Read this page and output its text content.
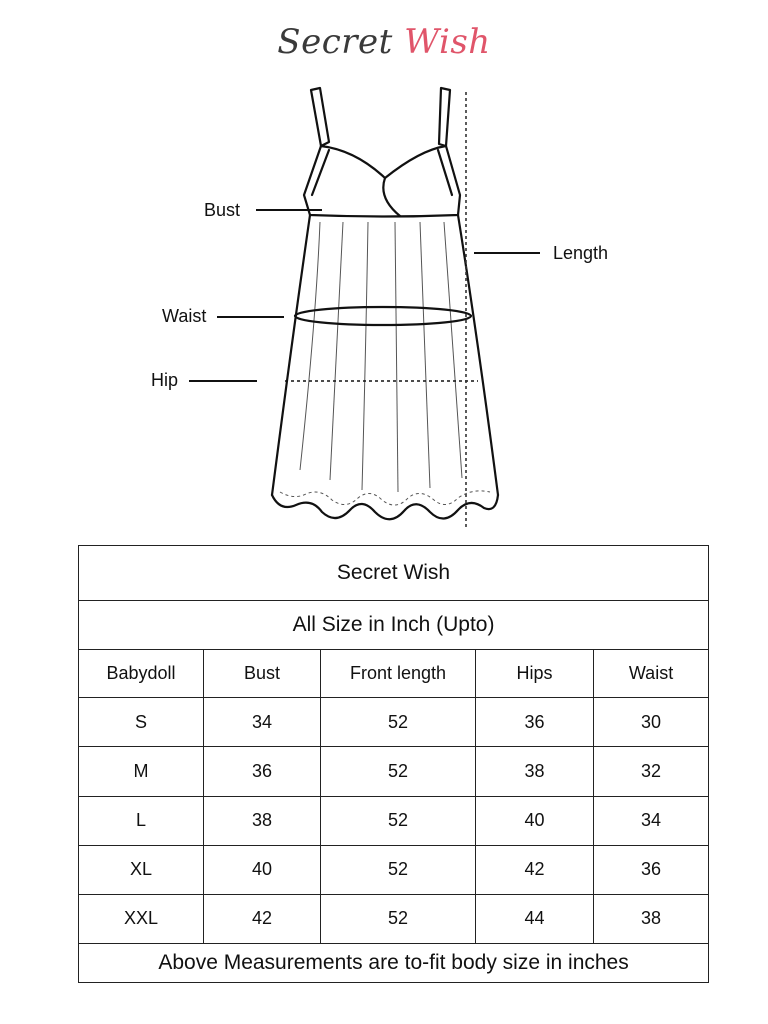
Secret Wish
Bust
Waist
Hip
Length
Secret Wish				
All Size in Inch (Upto)				
Babydoll	Bust	Front length	Hips	Waist
S	34	52	36	30
M	36	52	38	32
L	38	52	40	34
XL	40	52	42	36
XXL	42	52	44	38
Above Measurements are to-fit body size in inches				
